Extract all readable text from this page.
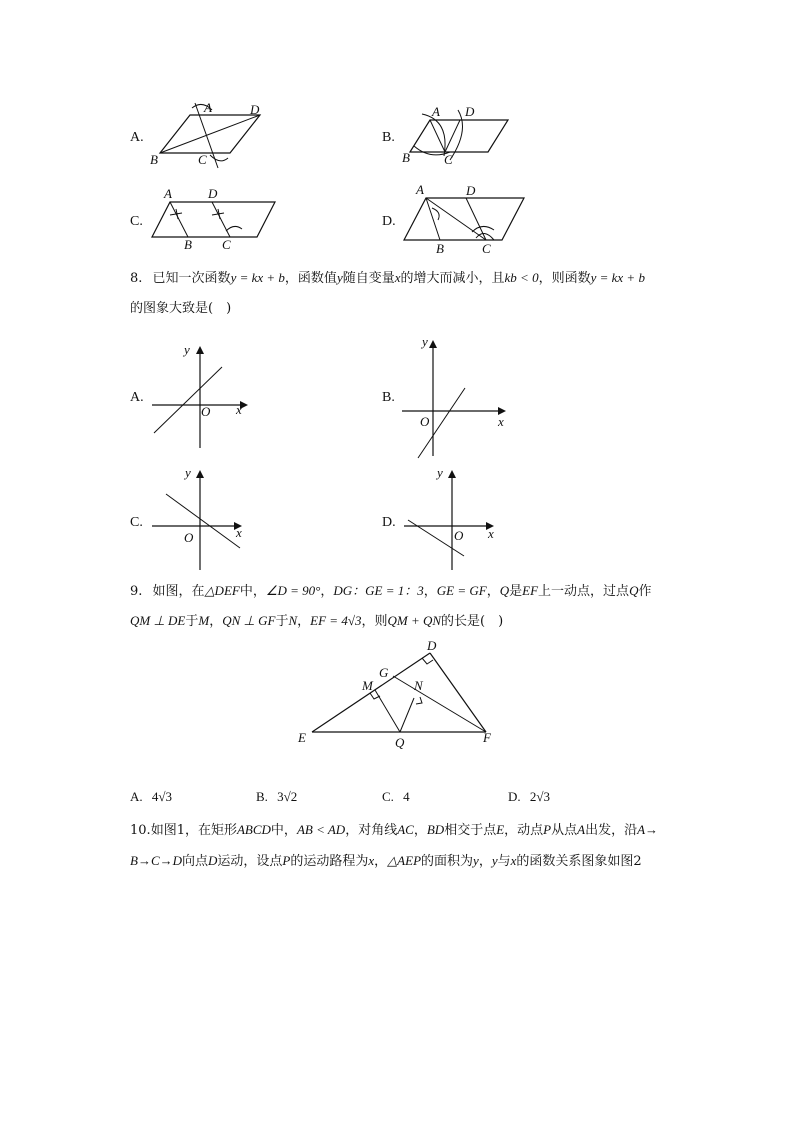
A.
A
B	C
D
B.
A
B	C
D
C.
A
B C
D
D.
A
B	C
D
8. 已知一次函数y = kx + b，函数值y随自变量x的增大而减小，且kb < 0，则函数y = kx + b
的图象大致是(　)
A.
x
y
O
B.
x
y
O
C.
x
y
O
D.
x
y
O
9. 如图，在△DEF中，∠D = 90°，DG：GE = 1：3，GE = GF，Q是EF上一动点，过点Q作
QM ⊥ DE于M，QN ⊥ GF于N，EF = 4√3，则QM + QN的长是(　)
D
G
M	N
E	Q	F
A. 4√3	B. 3√2	C. 4	D. 2√3
10.如图1，在矩形ABCD中，AB < AD，对角线AC，BD相交于点E，动点P从点A出发，沿A→
B→C→D向点D运动，设点P的运动路程为x，△AEP的面积为y，y与x的函数关系图象如图2
